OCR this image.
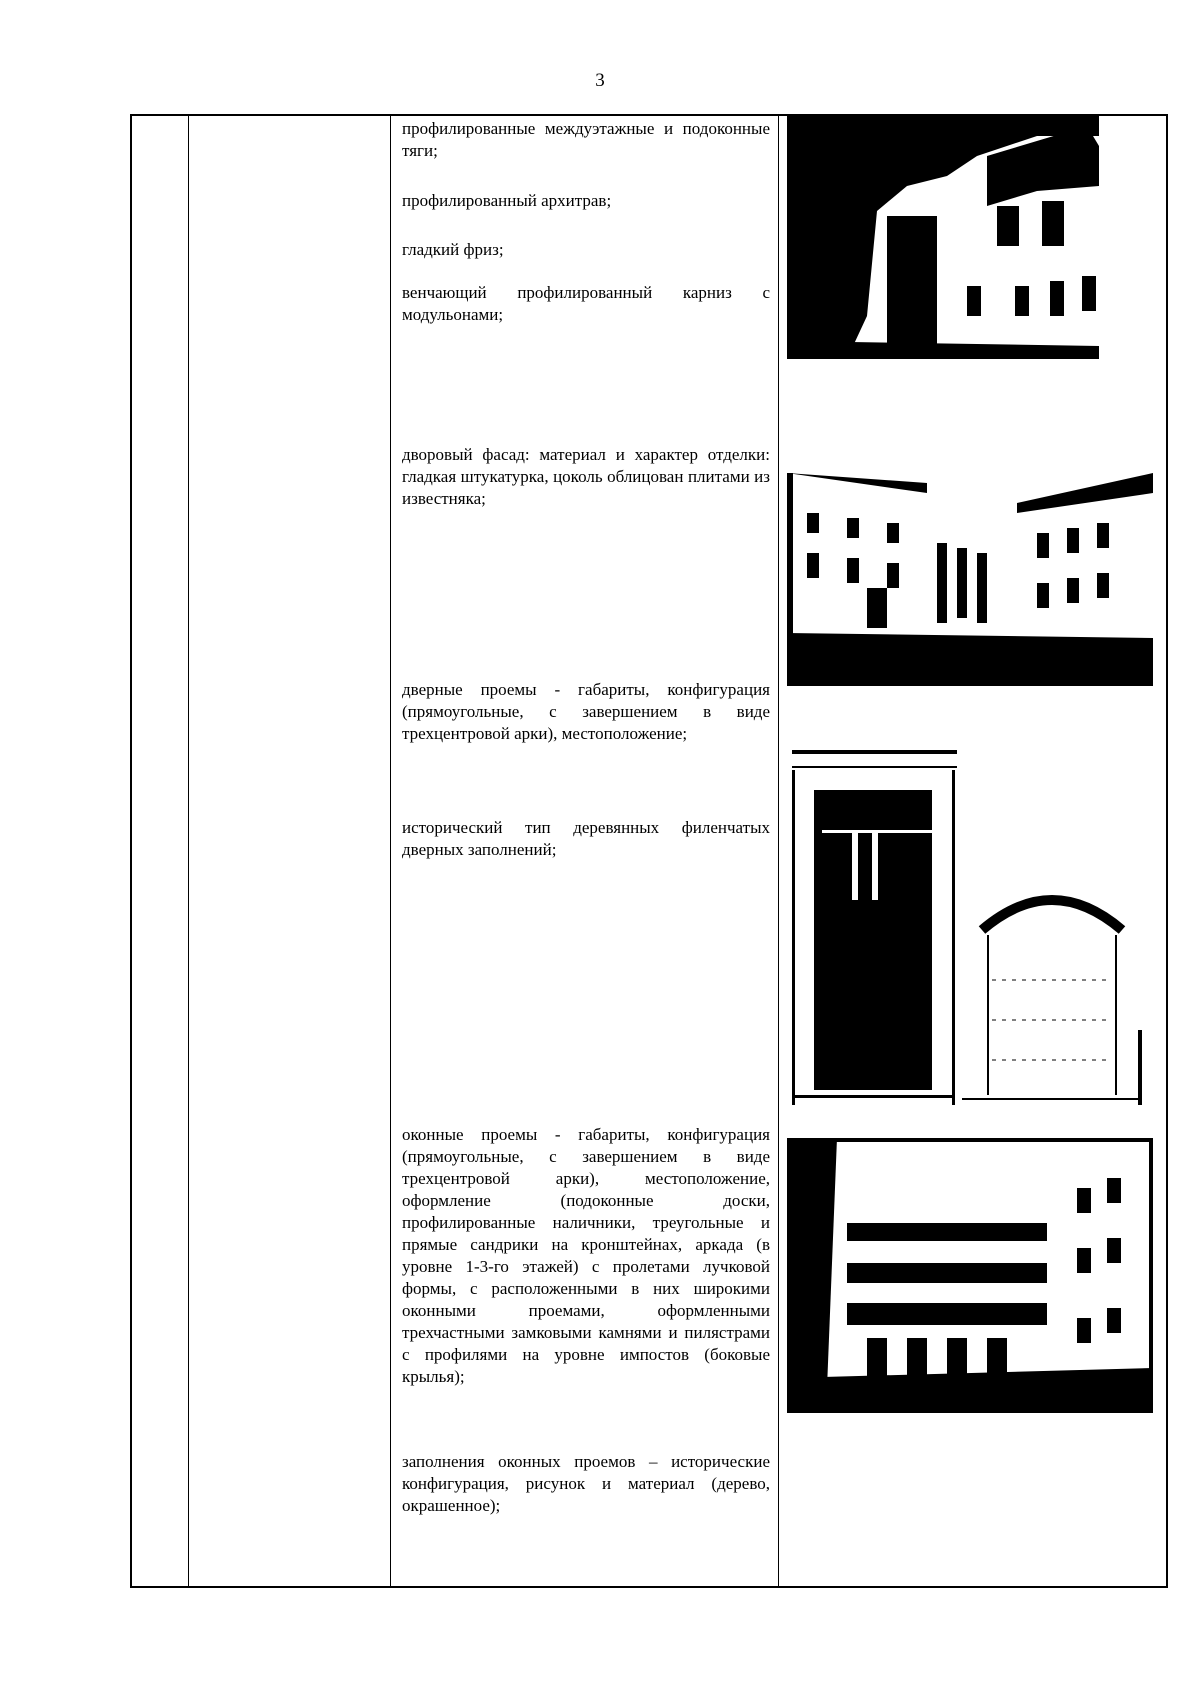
3

профилированные междуэтажные и подоконные тяги;

профилированный архитрав;

гладкий фриз;

венчающий профилированный карниз с модульонами;

дворовый фасад: материал и характер отделки: гладкая штукатурка, цоколь облицован плитами из известняка;

дверные проемы - габариты, конфигурация (прямоугольные, с завершением в виде трехцентровой арки), местоположение;

исторический тип деревянных филенчатых дверных заполнений;

оконные проемы - габариты, конфигурация (прямоугольные, с завершением в виде трехцентровой арки), местоположение, оформление (подоконные доски, профилированные наличники, треугольные и прямые сандрики на кронштейнах, аркада (в уровне 1-3-го этажей) с пролетами лучковой формы, с расположенными в них широкими оконными проемами, оформленными трехчастными замковыми камнями и пилястрами с профилями на уровне импостов (боковые крылья);

заполнения оконных проемов – исторические конфигурация, рисунок и материал (дерево, окрашенное);
